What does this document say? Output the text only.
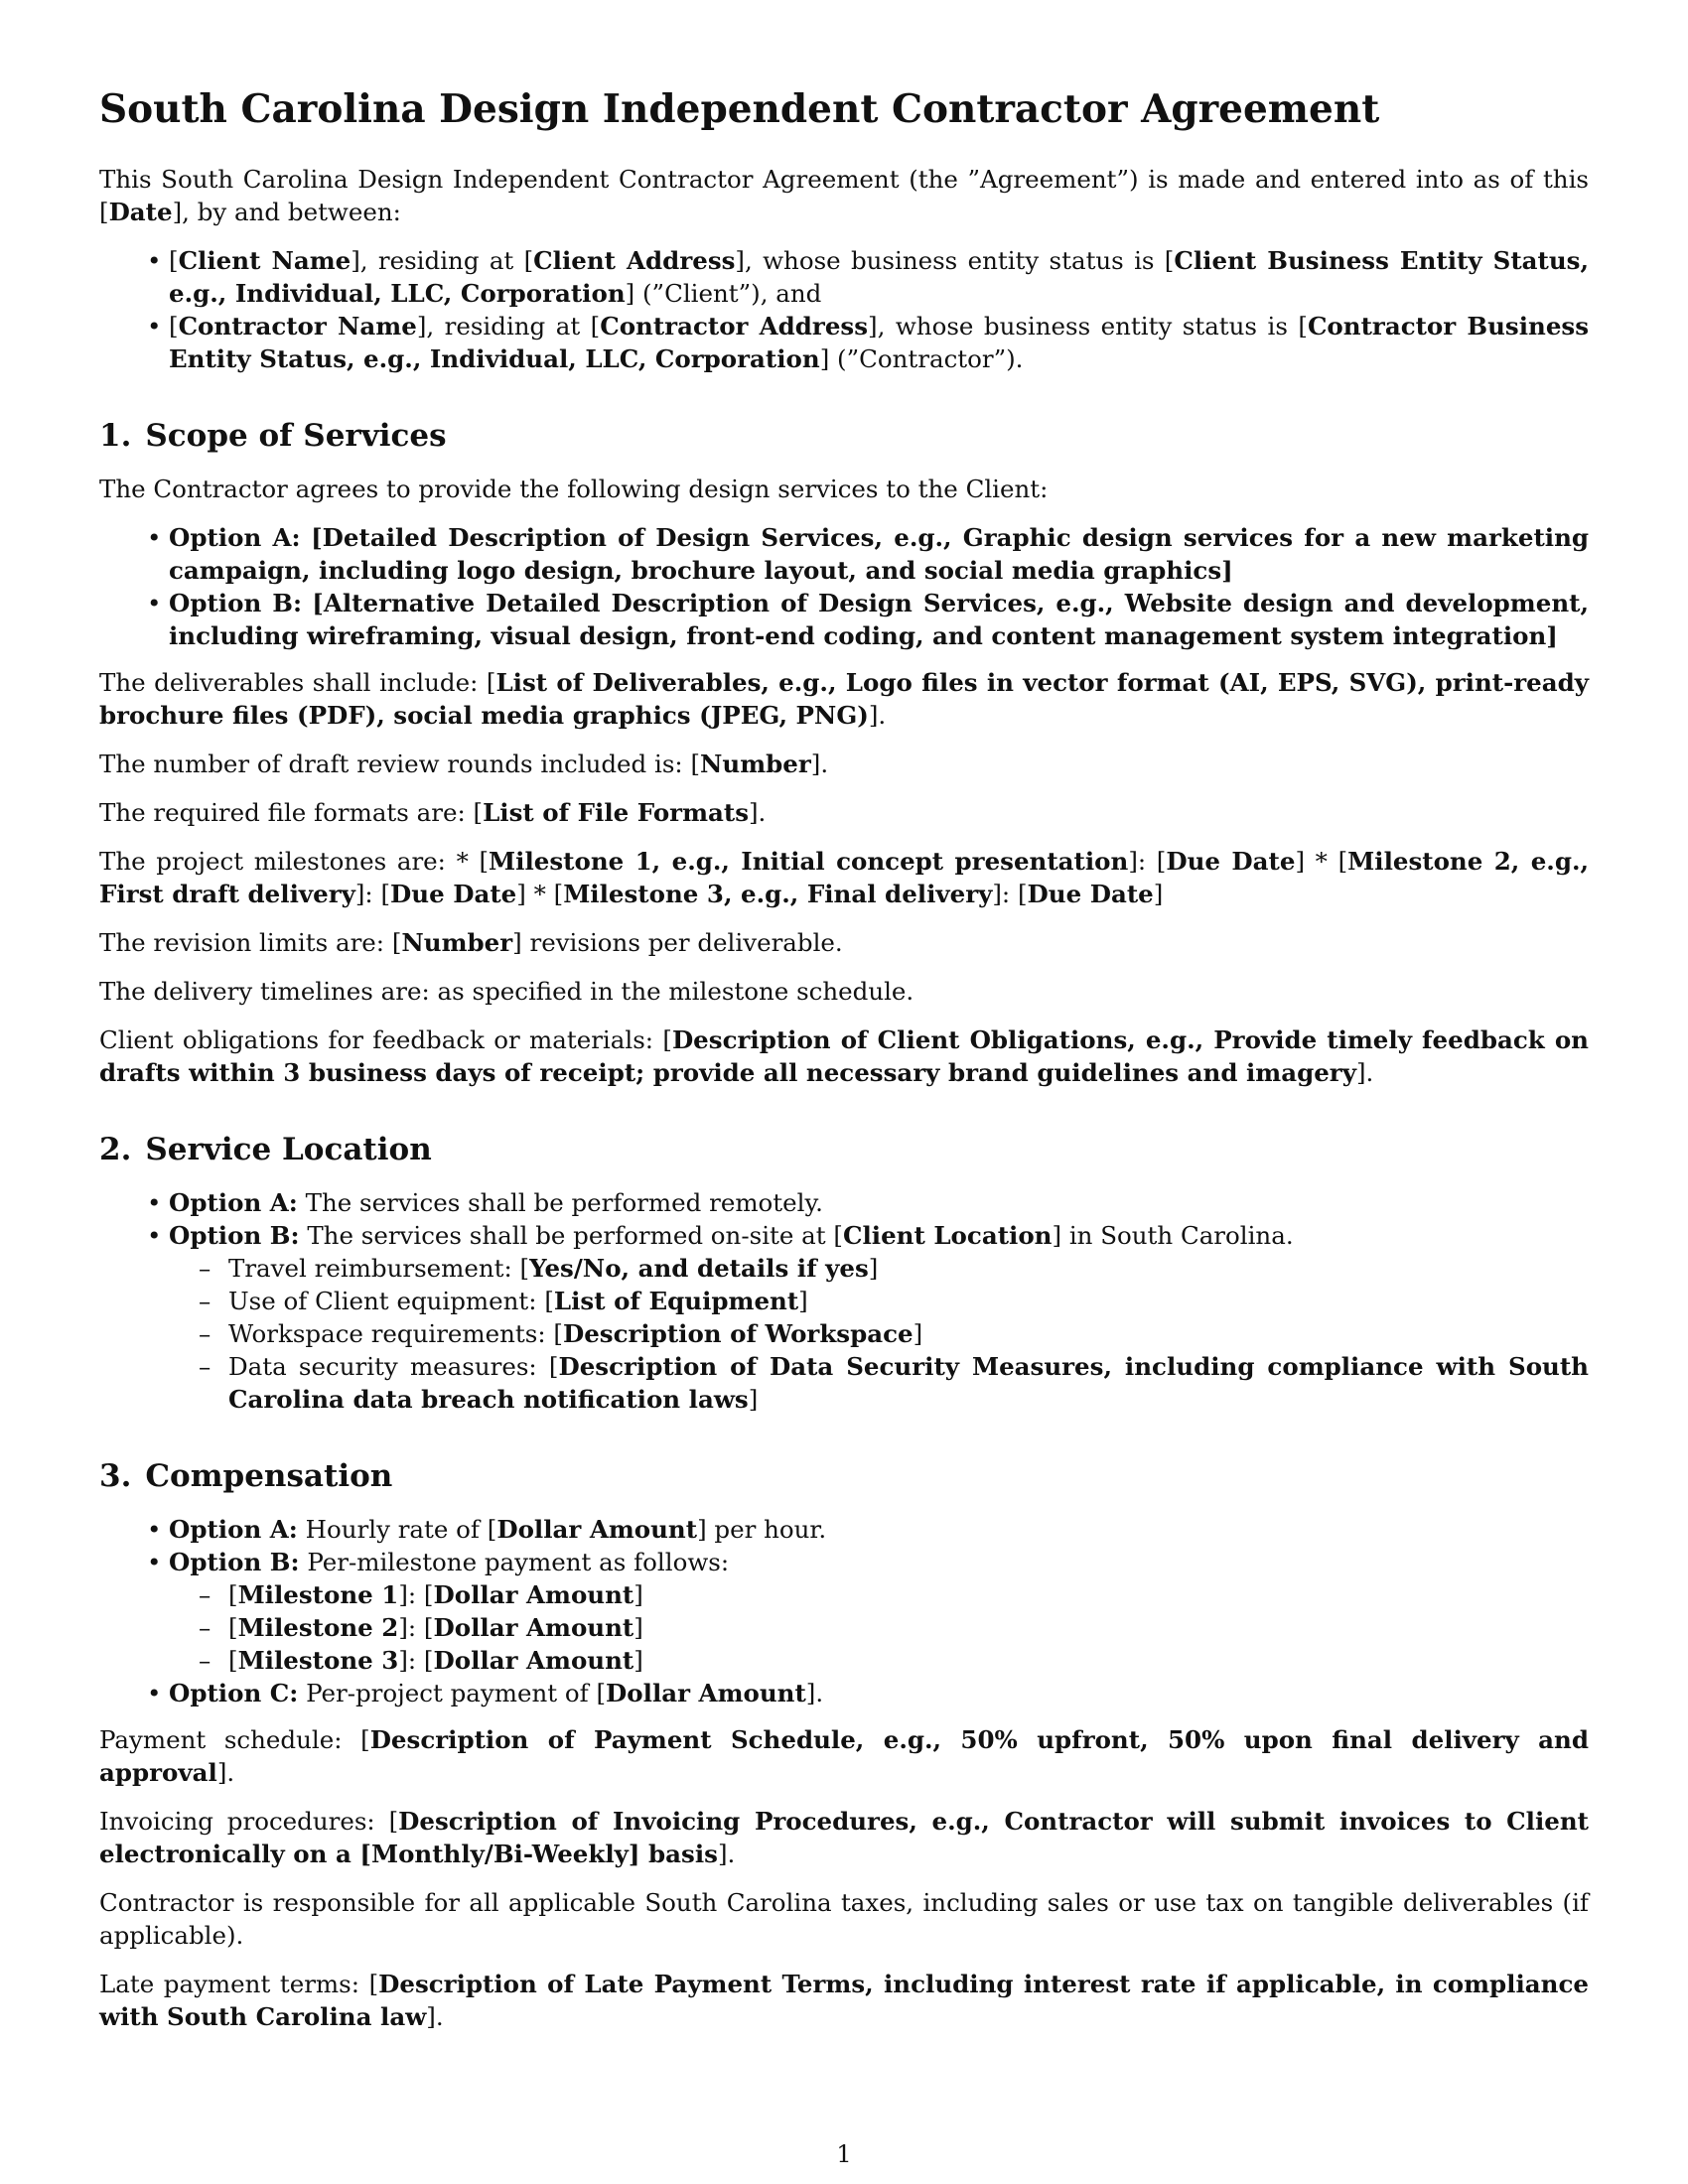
South Carolina Design Independent Contractor Agreement

This South Carolina Design Independent Contractor Agreement (the ”Agreement”) is made and entered into as of this [Date], by and between:

• [Client Name], residing at [Client Address], whose business entity status is [Client Business Entity Status, e.g., Individual, LLC, Corporation] (”Client”), and
• [Contractor Name], residing at [Contractor Address], whose business entity status is [Contractor Business Entity Status, e.g., Individual, LLC, Corporation] (”Contractor”).
1. Scope of Services

The Contractor agrees to provide the following design services to the Client:

• Option A: [Detailed Description of Design Services, e.g., Graphic design services for a new marketing campaign, including logo design, brochure layout, and social media graphics]
• Option B: [Alternative Detailed Description of Design Services, e.g., Website design and development, including wireframing, visual design, front-end coding, and content management system integration]

The deliverables shall include: [List of Deliverables, e.g., Logo files in vector format (AI, EPS, SVG), print-ready brochure files (PDF), social media graphics (JPEG, PNG)].

The number of draft review rounds included is: [Number].

The required file formats are: [List of File Formats].

The project milestones are: * [Milestone 1, e.g., Initial concept presentation]: [Due Date] * [Milestone 2, e.g., First draft delivery]: [Due Date] * [Milestone 3, e.g., Final delivery]: [Due Date]

The revision limits are: [Number] revisions per deliverable.

The delivery timelines are: as specified in the milestone schedule.

Client obligations for feedback or materials: [Description of Client Obligations, e.g., Provide timely feedback on drafts within 3 business days of receipt; provide all necessary brand guidelines and imagery].

2. Service Location
• Option A: The services shall be performed remotely.
• Option B: The services shall be performed on-site at [Client Location] in South Carolina.
– Travel reimbursement: [Yes/No, and details if yes]
– Use of Client equipment: [List of Equipment]
– Workspace requirements: [Description of Workspace]
– Data security measures: [Description of Data Security Measures, including compliance with South Carolina data breach notification laws]
3. Compensation
• Option A: Hourly rate of [Dollar Amount] per hour.
• Option B: Per-milestone payment as follows:
– [Milestone 1]: [Dollar Amount]
– [Milestone 2]: [Dollar Amount]
– [Milestone 3]: [Dollar Amount]
• Option C: Per-project payment of [Dollar Amount].

Payment schedule: [Description of Payment Schedule, e.g., 50% upfront, 50% upon final delivery and approval].

Invoicing procedures: [Description of Invoicing Procedures, e.g., Contractor will submit invoices to Client electronically on a [Monthly/Bi-Weekly] basis].

Contractor is responsible for all applicable South Carolina taxes, including sales or use tax on tangible deliverables (if applicable).

Late payment terms: [Description of Late Payment Terms, including interest rate if applicable, in compliance with South Carolina law].

1
